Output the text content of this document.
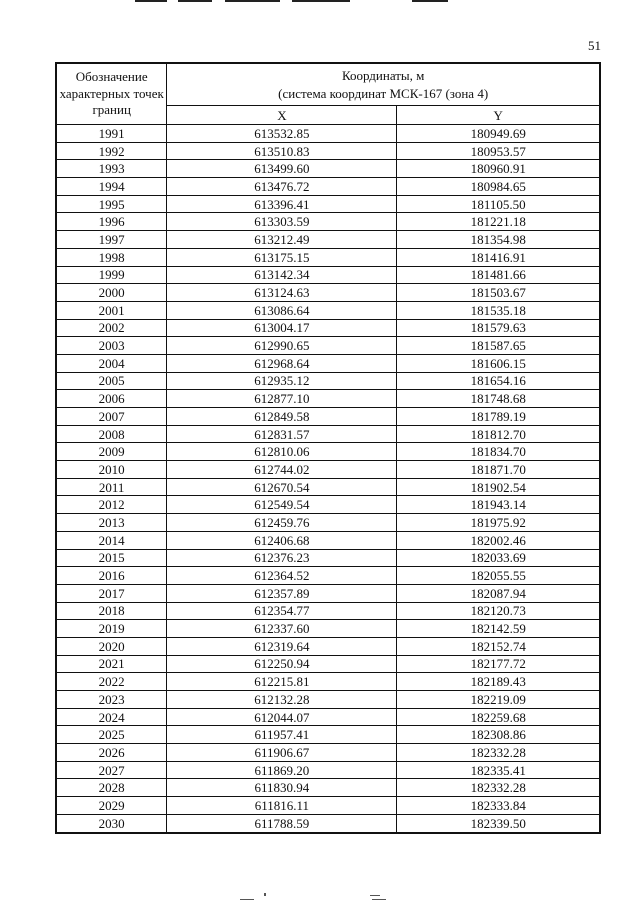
51
Обозначение характерных точек границ	Координаты, м
(система координат МСК-167 (зона 4)	

	X	Y
1991	613532.85	180949.69
1992	613510.83	180953.57
1993	613499.60	180960.91
1994	613476.72	180984.65
1995	613396.41	181105.50
1996	613303.59	181221.18
1997	613212.49	181354.98
1998	613175.15	181416.91
1999	613142.34	181481.66
2000	613124.63	181503.67
2001	613086.64	181535.18
2002	613004.17	181579.63
2003	612990.65	181587.65
2004	612968.64	181606.15
2005	612935.12	181654.16
2006	612877.10	181748.68
2007	612849.58	181789.19
2008	612831.57	181812.70
2009	612810.06	181834.70
2010	612744.02	181871.70
2011	612670.54	181902.54
2012	612549.54	181943.14
2013	612459.76	181975.92
2014	612406.68	182002.46
2015	612376.23	182033.69
2016	612364.52	182055.55
2017	612357.89	182087.94
2018	612354.77	182120.73
2019	612337.60	182142.59
2020	612319.64	182152.74
2021	612250.94	182177.72
2022	612215.81	182189.43
2023	612132.28	182219.09
2024	612044.07	182259.68
2025	611957.41	182308.86
2026	611906.67	182332.28
2027	611869.20	182335.41
2028	611830.94	182332.28
2029	611816.11	182333.84
2030	611788.59	182339.50
